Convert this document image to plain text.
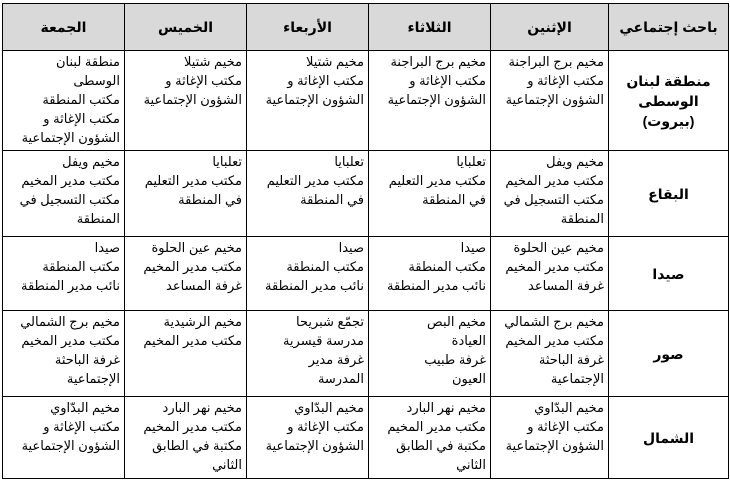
باحث إجتماعي	الإثنين	الثلاثاء	الأربعاء	الخميس	الجمعة

منطقة لبنان
الوسطى
(بيروت)	مخيم برج البراجنة
مكتب الإغاثة و
الشؤون الإجتماعية	مخيم برج البراجنة
مكتب الإغاثة و
الشؤون الإجتماعية	مخيم شتيلا
مكتب الإغاثة و
الشؤون الإجتماعية	مخيم شتيلا
مكتب الإغاثة و
الشؤون الإجتماعية	منطقة لبنان
الوسطى
مكتب المنطقة
مكتب الإغاثة و
الشؤون الإجتماعية

البقاع	مخيم ويفل
مكتب مدير المخيم
مكتب التسجيل في
المنطقة	تعلبايا
مكتب مدير التعليم
في المنطقة	تعلبايا
مكتب مدير التعليم
في المنطقة	تعلبايا
مكتب مدير التعليم
في المنطقة	مخيم ويفل
مكتب مدير المخيم
مكتب التسجيل في
المنطقة

صيدا	مخيم عين الحلوة
مكتب مدير المخيم
غرفة المساعد	صيدا
مكتب المنطقة
نائب مدير المنطقة	صيدا
مكتب المنطقة
نائب مدير المنطقة	مخيم عين الحلوة
مكتب مدير المخيم
غرفة المساعد	صيدا
مكتب المنطقة
نائب مدير المنطقة

صور	مخيم برج الشمالي
مكتب مدير المخيم
غرفة الباحثة
الإجتماعية	مخيم البص
العيادة
غرفة طبيب
العيون	تجمّع شبريحا
مدرسة قيسرية
غرفة مدير
المدرسة	مخيم الرشيدية
مكتب مدير المخيم	مخيم برج الشمالي
مكتب مدير المخيم
غرفة الباحثة
الإجتماعية

الشمال	مخيم البدّاوي
مكتب الإغاثة و
الشؤون الإجتماعية	مخيم نهر البارد
مكتب مدير المخيم
مكتبة في الطابق
الثاني	مخيم البدّاوي
مكتب الإغاثة و
الشؤون الإجتماعية	مخيم نهر البارد
مكتب مدير المخيم
مكتبة في الطابق
الثاني	مخيم البدّاوي
مكتب الإغاثة و
الشؤون الإجتماعية
